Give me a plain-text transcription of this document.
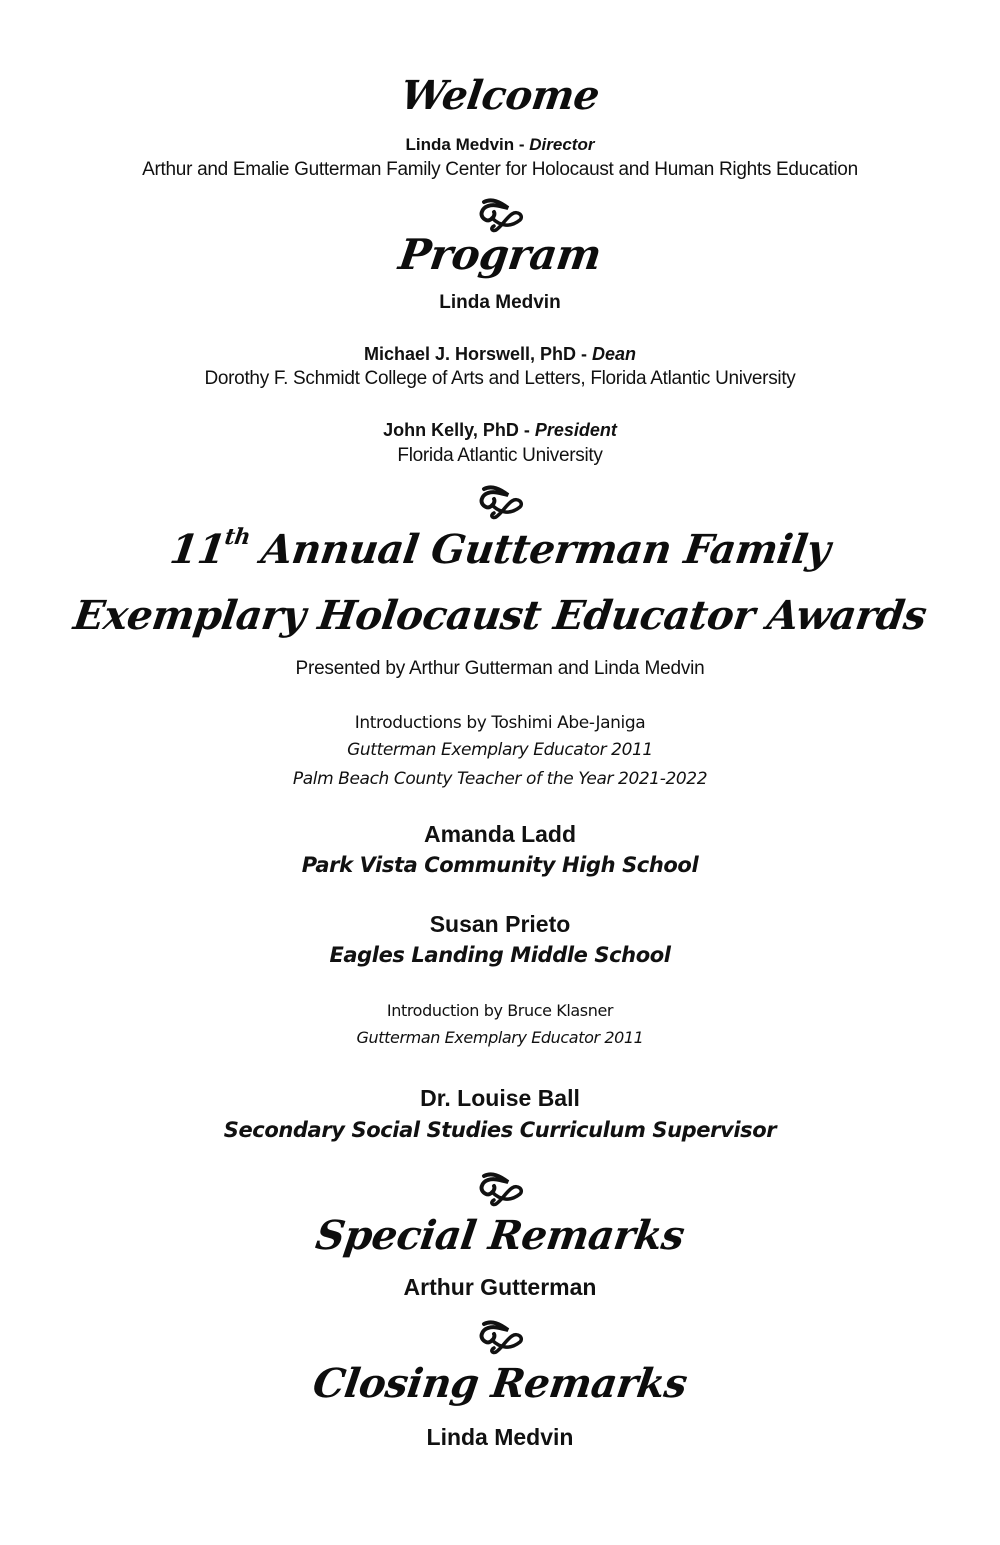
Welcome
Linda Medvin - Director
Arthur and Emalie Gutterman Family Center for Holocaust and Human Rights Education
Program
Linda Medvin
Michael J. Horswell, PhD - Dean
Dorothy F. Schmidt College of Arts and Letters, Florida Atlantic University
John Kelly, PhD - President
Florida Atlantic University
11th Annual Gutterman Family
Exemplary Holocaust Educator Awards
Presented by Arthur Gutterman and Linda Medvin
Introductions by Toshimi Abe-Janiga
Gutterman Exemplary Educator 2011
Palm Beach County Teacher of the Year 2021-2022
Amanda Ladd
Park Vista Community High School
Susan Prieto
Eagles Landing Middle School
Introduction by Bruce Klasner
Gutterman Exemplary Educator 2011
Dr. Louise Ball
Secondary Social Studies Curriculum Supervisor
Special Remarks
Arthur Gutterman
Closing Remarks
Linda Medvin
